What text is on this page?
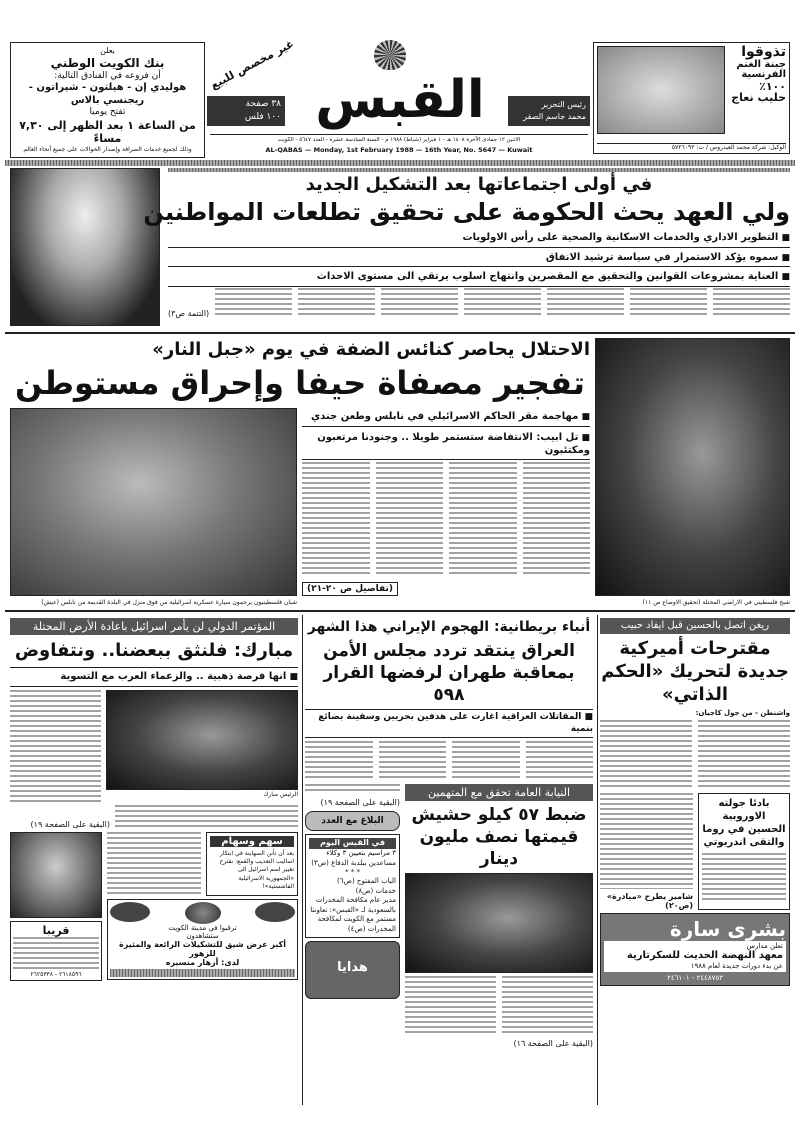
يعلن
بنك الكويت الوطني
أن فروعه في الفنادق التالية:
هوليدي إن - هيلتون - شيراتون - ريجنسي بالاس
تفتح يوميا
من الساعة ١ بعد الظهر إلى ٧,٣٠ مساءً
وذلك لجميع خدمات الصرافة وإصدار الحوالات على جميع أنحاء العالم
غير مخصص للبيع
٣٨ صفحة
١٠٠ فلس القبس	رئيس التحرير
محمد جاسم الصقر
الاثنين ١٢ جمادى الآخرة ١٤٠٨ هـ - ١ فبراير (شباط) ١٩٨٨ م - السنة السادسة عشرة - العدد ٥٦٤٧ - الكويت
AL-QABAS — Monday, 1st February 1988 — 16th Year, No. 5647 — Kuwait
تذوقوا
جبنة الغنم الفرنسية
١٠٠٪ حليب نعاج
الوكيل: شركة محمد العيدروس / ت: ٥٧٢٦٠٩٣
في أولى اجتماعاتها بعد التشكيل الجديد
ولي العهد يحث الحكومة على تحقيق تطلعات المواطنين
■ التطوير الاداري والخدمات الاسكانية والصحية على رأس الاولويات
■ سموه يؤكد الاستمرار في سياسة ترشيد الانفاق
■ العناية بمشروعات القوانين والتحقيق مع المقصرين وانتهاج اسلوب يرتقي الى مستوى الاحداث
(التتمة ص٣)
الاحتلال يحاصر كنائس الضفة في يوم «جبل النار»
تفجير مصفاة حيفا وإحراق مستوطن
شيخ فلسطيني في الاراضي المحتلة (تحقيق الاوضاع ص ١١)
شبان فلسطينيون يرجمون سيارة عسكرية اسرائيلية من فوق منزل في البلدة القديمة من نابلس (عيش)
■ مهاجمة مقر الحاكم الاسرائيلي في نابلس وطعن جندي
■ تل ابيب: الانتفاضة ستستمر طويلا .. وجنودنا مرتعبون ومكتئبون
(تفاصيل ص ٢٠-٢١)
المؤتمر الدولي لن يأمر اسرائيل باعادة الأرض المحتلة
مبارك: فلنثق ببعضنا.. ونتفاوض
■ انها فرصة ذهبية .. والزعماء العرب مع التسوية
الرئيس مبارك
(البقية على الصفحة ١٩)
قريبا
٢٦١٨٥٩٦ - ٢٦٢٥٣٣٨
سهم وسهام
بعد أن تأنن الصهاينة في ابتكار اساليب التعذيب والقمع: نقترح تغيير اسم اسرائيل الى «الجمهورية الاسرائيلية الفاشستية»!
ترقبوا في مدينة الكويت
ستشاهدون
أكبر عرض شيق للتشكيلات الرائعة والمثيرة للزهور
لدى: أزهار منسيره
أنباء بريطانية: الهجوم الإيراني هذا الشهر
العراق ينتقد تردد مجلس الأمن بمعاقبة طهران لرفضها القرار ٥٩٨
■ المقاتلات العراقية اغارت على هدفين بحريين وسفينة بضائع بنمية
(البقية على الصفحة ١٩)
البلاغ مع العدد
في القبس اليوم
٣ مراسيم بتعيين ٣ وكلاء مساعدين ببلدية الدفاع (ص٣)
* * *
الباب المفتوح (ص٦)
خدمات (ص٨)
مدير عام مكافحة المخدرات بالسعودية لـ «القبس»: تعاوننا مستمر مع الكويت لمكافحة المخدرات (ص٤)
هدايا
النيابة العامة تحقق مع المتهمين
ضبط ٥٧ كيلو حشيش قيمتها نصف مليون دينار
(البقية على الصفحة ١٦)
ريغن اتصل بالحسين قبل ايفاد حبيب
مقترحات أميركية جديدة لتحريك «الحكم الذاتي»
واشنطن - من جول كاجيان:
شامير يطرح «مبادرة» (ص٢٠)
بادئا جولته الاوروبية الحسين في روما والتقى اندريوتي
بشرى سارة
تعلن مدارس
معهد النهضة الحديث للسكرتارية
عن بدء دورات جديدة لعام ١٩٨٨
٢٤٤٨٧٥٣ - ٢٤٦١٠١
